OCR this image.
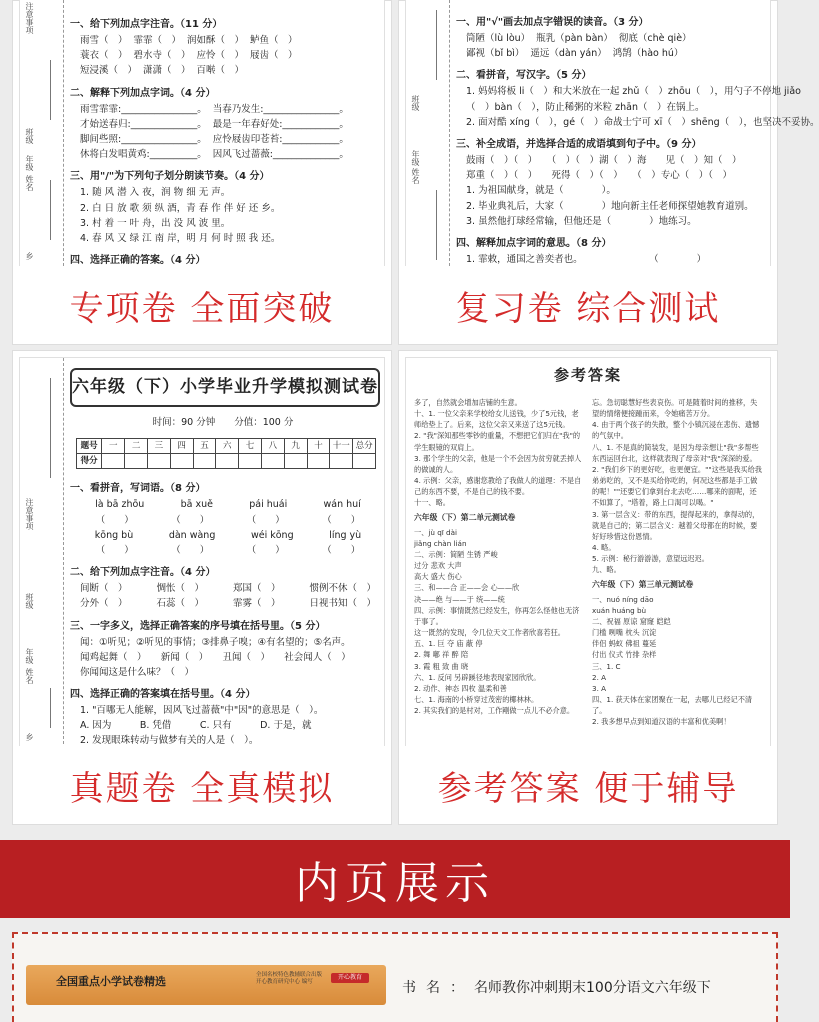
注意事项
班级
年级
姓名
乡
一、给下列加点字注音。（11 分）
雨雪（　） 霏霏（　） 润如酥（　） 鲈鱼（　）
蓑衣（　） 碧水寺（　） 应怜（　） 屐齿（　）
短浸溪（　） 潇潇（　） 百啭（　）
二、解释下列加点字词。（4 分）
雨雪霏霏:________________。 当春乃发生:________________。
才始送春归:______________。 最是一年春好处:____________。
脚间些照:________________。 应怜屐齿印苍苔:____________。
休将白发唱黄鸡:__________。 因风飞过蔷薇:______________。
三、用"/"为下列句子划分朗读节奏。（4 分）
1. 随 风 潜 入 夜，润 物 细 无 声。
2. 白 日 放 歌 须 纵 酒，青 春 作 伴 好 还 乡。
3. 村 着 一 叶 舟，出 没 风 波 里。
4. 春 风 又 绿 江 南 岸，明 月 何 时 照 我 还。
四、选择正确的答案。（4 分）
专项卷 全面突破
班级
年级
姓名
一、用"√"画去加点字错误的读音。（3 分）
筒陋（lù lòu） 瓶乳（pàn bàn） 彻底（chè qiè）
鄙视（bǐ bì） 遥远（dàn yán） 鸿鹄（hào hú）
二、看拼音，写汉字。（5 分）
1. 妈妈将板 li（　）和大米放在一起 zhǔ（　）zhōu（　），用勺子不停地 jiǎo
（　）bàn（　），防止稀粥的米粒 zhān（　）在锅上。
2. 面对酷 xíng（　），gé（　）命战士宁可 xī（　）shēng（　），也坚决不妥协。
三、补全成语，并选择合适的成语填到句子中。（9 分）
鼓雨（　）（　）　　（　）（　）湖（　）海　　见（　）知（　）
郑重（　）（　）　　死得（　）（　）　　（　）专心（　）（　）
1. 为祖国献身，就是（　　　　）。
2. 毕业典礼后，大家（　　　　）地向新主任老师探望她教育道别。
3. 虽然他打球经常输，但他还是（　　　　）地练习。
四、解释加点字词的意思。（8 分）
1. 霏敕，通国之善奕者也。　　　　　　　　（　　　　）
复习卷 综合测试
注意事项
班级
年级
姓名
乡
六年级（下）小学毕业升学模拟测试卷
时间：90 分钟　　分值：100 分
题号	一	二	三	四	五	六	七	八	九	十	十一	总分
得分												
一、看拼音，写词语。（8 分）
là bā zhōu	bā xuě	pái huái	wán huí
（　　）	（　　）	（　　）	（　　）
kōng bù	dàn wàng	wéi kōng	líng yù
（　　）	（　　）	（　　）	（　　）
二、给下列加点字注音。（4 分）
间断（　）	惆怅（　）	郑国（　）	惯例不休（　）
分外（　）	石蕊（　）	霏雾（　）	日视书知（　）
三、一字多义，选择正确答案的序号填在括号里。（5 分）
闻：①听见；②听见的事情；③排鼻子嗅；④有名望的；⑤名声。
闻鸡起舞（　）　　新闻（　）　　丑闻（　）　　社会闻人（　）
你闻闻这是什么味？（　）
四、选择正确的答案填在括号里。（4 分）
1. "百哪无人能解，因风飞过蔷薇"中"因"的意思是（　）。
A. 因为　　　B. 凭借　　　C. 只有　　　D. 于是，就
2. 发现眼珠转动与做梦有关的人是（　）。
真题卷 全真模拟
参考答案
多了，自然就会增加店铺的生意。
十、1. 一位父亲来学校给女儿送钱，少了5元钱，老师给垫上了。后来，这位父亲又来送了这5元钱。
2. "我"深知那些零钞的重量，不想把它们归在"我"的学生眼镜的双肩上。
3. 那个学生的父亲，他是一个不会因为贫穷就丢掉人的做诚的人。
4. 示例：父亲，感谢您教给了我做人的道理：不是自己的东西不要，不是自己的钱不要。
十一、略。
六年级（下）第二单元测试卷
一、jù qī dài
jiǎng chàn lián
二、示例：简陋 生锈 严峻
过分 悲欢 大声
高大 盛大 伤心
三、和——合 正——会 心——欣
决——绝 与——于 统——统
四、示例：事情既然已经发生，你再怎么怪他也无济于事了。
这一既然的发现，令几位天文工作者欣喜若狂。
五、1. 巨 夺 庙 蔽 停
2. 舞 嘟 祥 醉 陪
3. 霞 粗 致 曲 晓
六、1. 反问 另辟蹊径地表现家园欣欣。
2. 动作、神态 四枚 温柔和善
七、1. 海南的小桥穿过茂密的椰林林。
2. 其实我们的是村对，工作剛做一点儿不必介意。
忘。急切聪慧好些表哀伤。可是随着时间的推移，失望的情绪便接踵而来，令她痛苦万分。
4. 由于两个孩子的失散，整个小镇沉浸在悲伤、遗憾的气氛中。
八、1. 不是真的简装发，是因为母亲想让"我"多帮些东西运回台北，这样就表现了母亲对"我"深深的爱。
2. "我们乡下的更好吃，也更便宜。""这些是我买给我弟弟吃的，又不是买给你吃的，何况这些都是手工做的呢！""还要它们拿到台北去吃……哪来的面呢，还不如算了，"塔着，路上口渴可以喝。"
3. 第一层含义：带的东西，提得起来的，拿得动的，就是自己的；第二层含义：越着父母都在的时候，要好好珍惜这份恩情。
4. 略。
5. 示例：秘行游游游，意望远迟迟。
九、略。
六年级（下）第三单元测试卷
一、nuó níng dāo
xuán huáng bù
二、祝福 原谅 窟窿 皑皑
门槛 咧嘴 枕头 沉淀
伴侣 蚂蚁 佛祖 蔓延
付出 仪式 竹排 杂样
三、1. C
2. A
3. A
四、1. 获天体在家团聚在一起，去哪儿已经记不清了。
2. 我多想早点到知道汉语的丰富和优美啊！
参考答案 便于辅导
内页展示
全国重点小学试卷精选	全国名校特色教辅联合出版 开心教育研究中心 编写
开心教育
书名：名师教你冲刺期末100分语文六年级下
